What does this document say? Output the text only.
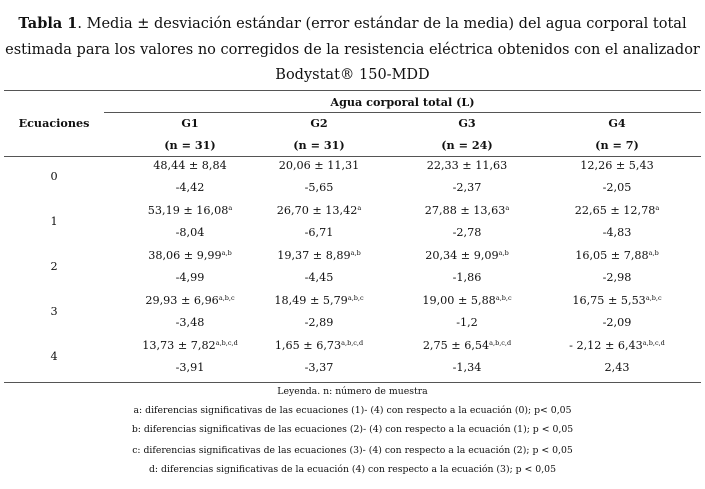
Tabla 1. Media ± desviación estándar (error estándar de la media) del agua corporal total
estimada para los valores no corregidos de la resistencia eléctrica obtenidos con el analizador
Bodystat® 150-MDD
Agua corporal total (L)
Ecuaciones	G1
(n = 31)
G2
(n = 31)
G3
(n = 24)
G4
(n = 7)
0
48,44 ± 8,84
-4,42
20,06 ± 11,31
-5,65
22,33 ± 11,63
-2,37
12,26 ± 5,43
-2,05
1
53,19 ± 16,08$^a$
-8,04
26,70 ± 13,42$^a$
-6,71
27,88 ± 13,63$^a$
-2,78
22,65 ± 12,78$^a$
-4,83
2
$38,06 \pm 9,99^{a,b}$
-4,99
$19,37 \pm 8,89^{a,b}$
-4,45
$20,34 \pm 9,09^{a,b}$
-1,86
$16,05 \pm 7,88^{a,b}$
-2,98
3
$29,93 \pm 6,96^{a,b,c}$
-3,48
$18,49 \pm 5,79^{a,b,c}$
-2,89
$19,00 \pm 5,88^{a,b,c}$
-1,2
$16,75 \pm 5,53^{a,b,c}$
-2,09
4
$13,73 \pm 7,82^{a,b,c,d}$
-3,91
$1,65 \pm 6,73^{a,b,c,d}$
-3,37
$2,75 \pm 6,54^{a,b,c,d}$
-1,34
- $2,12 \pm 6,43^{a,b,c,d}$
2,43
Leyenda. n: número de muestra
a: diferencias significativas de las ecuaciones (1)- (4) con respecto a la ecuación (0); p< 0,05
b: diferencias significativas de las ecuaciones (2)- (4) con respecto a la ecuación (1); p < 0,05
c: diferencias significativas de las ecuaciones (3)- (4) con respecto a la ecuación (2); p < 0,05
d: diferencias significativas de la ecuación (4) con respecto a la ecuación (3); p < 0,05
